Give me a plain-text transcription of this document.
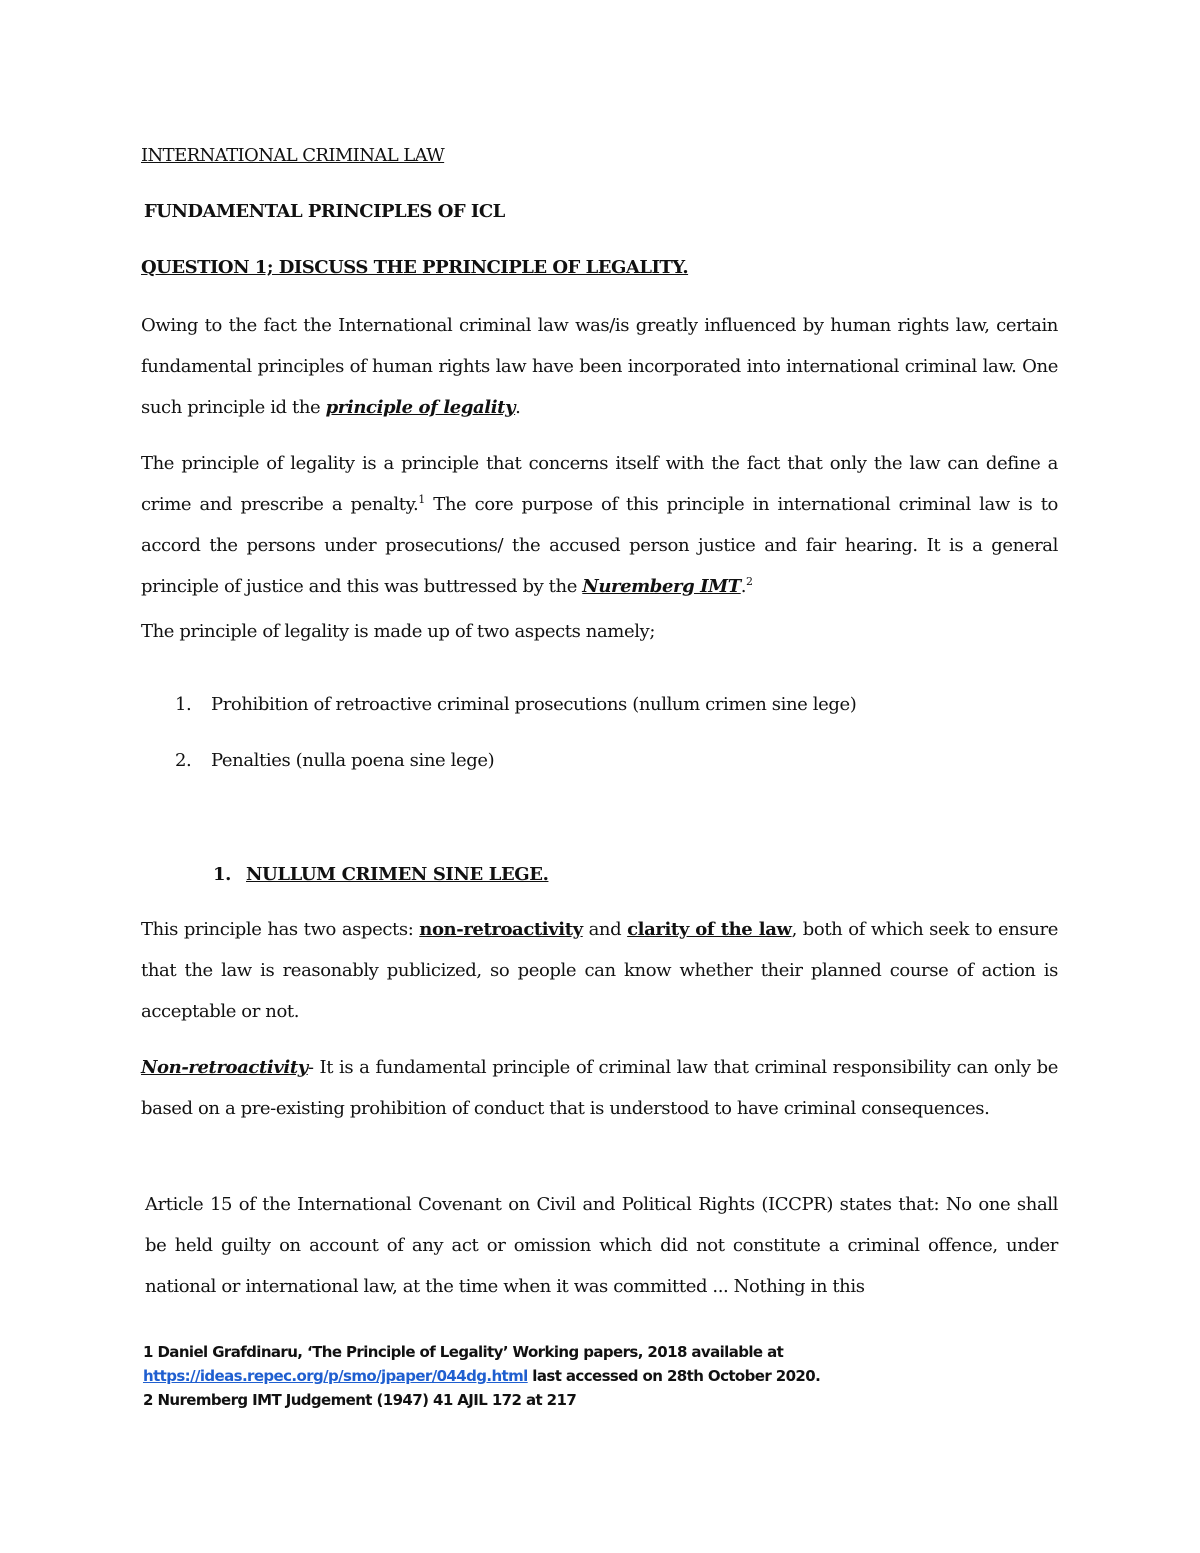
INTERNATIONAL CRIMINAL LAW

FUNDAMENTAL PRINCIPLES OF ICL

QUESTION 1; DISCUSS THE PPRINCIPLE OF LEGALITY.

Owing to the fact the International criminal law was/is greatly influenced by human rights law, certain fundamental principles of human rights law have been incorporated into international criminal law. One such principle id the principle of legality.

The principle of legality is a principle that concerns itself with the fact that only the law can define a crime and prescribe a penalty.$^1$ The core purpose of this principle in international criminal law is to accord the persons under prosecutions/ the accused person justice and fair hearing. It is a general principle of justice and this was buttressed by the Nuremberg IMT.$^2$

The principle of legality is made up of two aspects namely;

1. Prohibition of retroactive criminal prosecutions (nullum crimen sine lege)

2. Penalties (nulla poena sine lege)

1. NULLUM CRIMEN SINE LEGE.

This principle has two aspects: non-retroactivity and clarity of the law, both of which seek to ensure that the law is reasonably publicized, so people can know whether their planned course of action is acceptable or not.

Non-retroactivity- It is a fundamental principle of criminal law that criminal responsibility can only be based on a pre-existing prohibition of conduct that is understood to have criminal consequences.

Article 15 of the International Covenant on Civil and Political Rights (ICCPR) states that: No one shall be held guilty on account of any act or omission which did not constitute a criminal offence, under national or international law, at the time when it was committed ... Nothing in this

1 Daniel Grafdinaru, ‘The Principle of Legality’ Working papers, 2018 available at

https://ideas.repec.org/p/smo/jpaper/044dg.html last accessed on 28th October 2020.

2 Nuremberg IMT Judgement (1947) 41 AJIL 172 at 217
